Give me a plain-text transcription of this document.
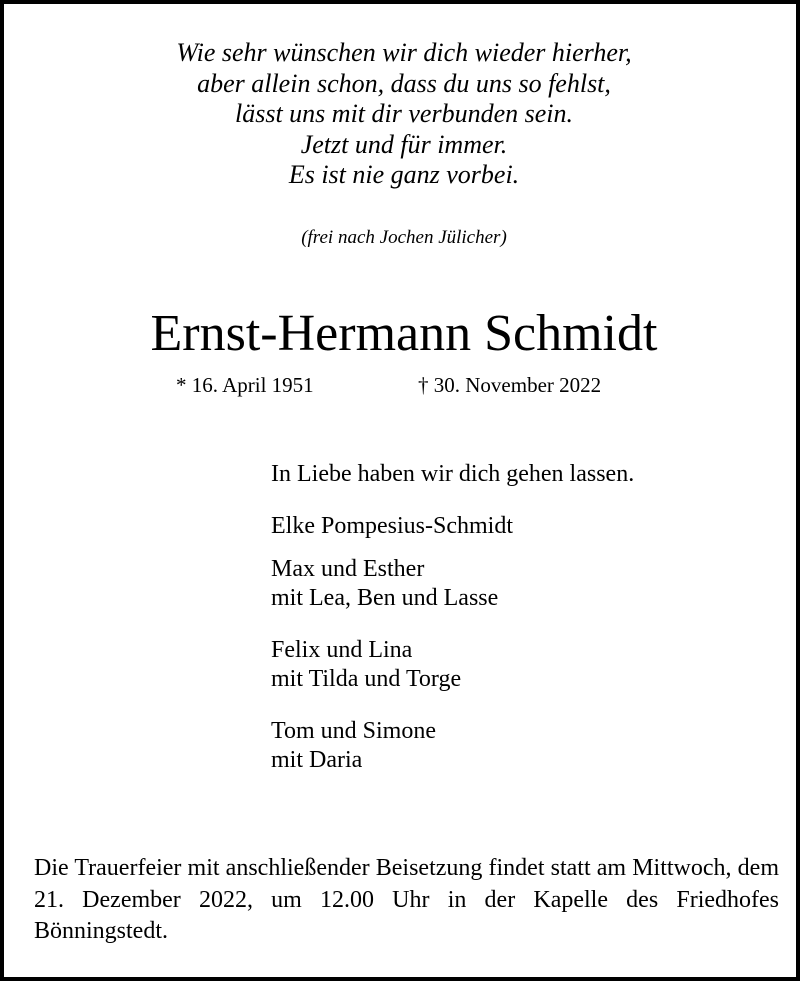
Wie sehr wünschen wir dich wieder hierher,
aber allein schon, dass du uns so fehlst,
lässt uns mit dir verbunden sein.
Jetzt und für immer.
Es ist nie ganz vorbei.
(frei nach Jochen Jülicher)
Ernst-Hermann Schmidt
* 16. April 1951	† 30. November 2022
In Liebe haben wir dich gehen lassen.
Elke Pompesius-Schmidt
Max und Esther
mit Lea, Ben und Lasse
Felix und Lina
mit Tilda und Torge
Tom und Simone
mit Daria
Die Trauerfeier mit anschließender Beisetzung findet statt am Mittwoch, dem 21. Dezember 2022, um 12.00 Uhr in der Kapelle des Friedhofes Bönningstedt.
